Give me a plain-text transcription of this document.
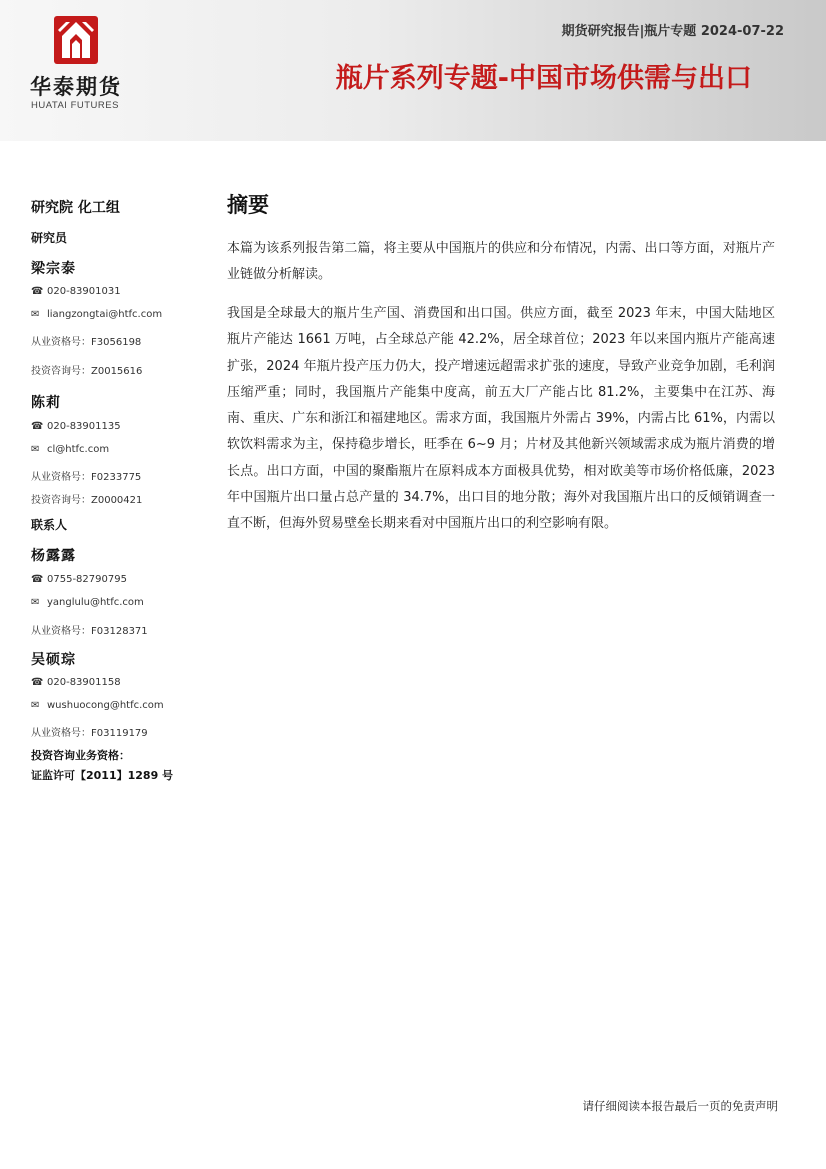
华泰期货
HUATAI FUTURES
期货研究报告|瓶片专题 2024-07-22
瓶片系列专题-中国市场供需与出口
研究院 化工组
研究员
梁宗泰
☎ 020-83901031
✉ liangzongtai@htfc.com
从业资格号：F3056198
投资咨询号：Z0015616
陈莉
☎ 020-83901135
✉ cl@htfc.com
从业资格号：F0233775
投资咨询号：Z0000421
联系人
杨露露
☎ 0755-82790795
✉ yanglulu@htfc.com
从业资格号：F03128371
吴硕琮
☎ 020-83901158
✉ wushuocong@htfc.com
从业资格号：F03119179
投资咨询业务资格：
证监许可【2011】1289 号
摘要

本篇为该系列报告第二篇，将主要从中国瓶片的供应和分布情况，内需、出口等方面，对瓶片产业链做分析解读。

我国是全球最大的瓶片生产国、消费国和出口国。供应方面，截至 2023 年末，中国大陆地区瓶片产能达 1661 万吨，占全球总产能 42.2%，居全球首位；2023 年以来国内瓶片产能高速扩张，2024 年瓶片投产压力仍大，投产增速远超需求扩张的速度，导致产业竞争加剧，毛利润压缩严重；同时，我国瓶片产能集中度高，前五大厂产能占比 81.2%，主要集中在江苏、海南、重庆、广东和浙江和福建地区。需求方面，我国瓶片外需占 39%，内需占比 61%，内需以软饮料需求为主，保持稳步增长，旺季在 6~9 月；片材及其他新兴领域需求成为瓶片消费的增长点。出口方面，中国的聚酯瓶片在原料成本方面极具优势，相对欧美等市场价格低廉，2023 年中国瓶片出口量占总产量的 34.7%，出口目的地分散；海外对我国瓶片出口的反倾销调查一直不断，但海外贸易壁垒长期来看对中国瓶片出口的利空影响有限。

请仔细阅读本报告最后一页的免责声明
